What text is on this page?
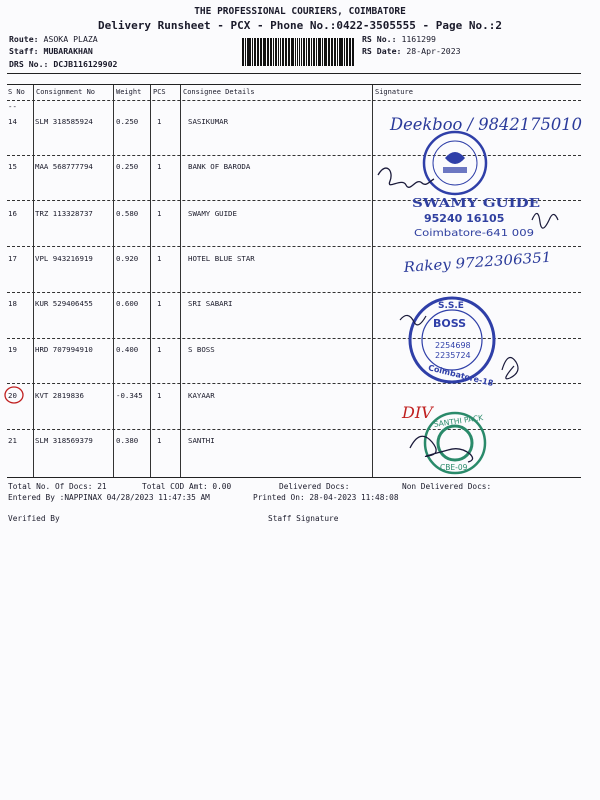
THE PROFESSIONAL COURIERS, COIMBATORE
Delivery Runsheet - PCX - Phone No.:0422-3505555 - Page No.:2
Route: ASOKA PLAZA
Staff: MUBARAKHAN
DRS No.: DCJB116129902
RS No.: 1161299
RS Date: 28-Apr-2023
S No Consignment No	Weight PCS Consignee Details	Signature
--
14 SLM 318585924	0.250	1	SASIKUMAR
15 MAA 568777794	0.250	1	BANK OF BARODA
16 TRZ 113328737	0.580	1	SWAMY GUIDE
17 VPL 943216919	0.920	1	HOTEL BLUE STAR
18 KUR 529406455	0.600	1	SRI SABARI
19 HRD 707994910	0.400	1	S BOSS
20 KVT 2819836	-0.345 1	KAYAAR
21 SLM 318569379	0.380	1	SANTHI
Total No. Of Docs: 21	Total COD Amt: 0.00	Delivered Docs:	Non Delivered Docs:
Entered By :NAPPINAX 04/28/2023 11:47:35 AM	Printed On: 28-04-2023 11:48:08
Verified By	Staff Signature
Deekboo / 9842175010
SWAMY GUIDE
95240 16105
Coimbatore-641 009
Rakey 9722306351
S.S.E
BOSS
2254698
2235724
Coimbatore-18
DIV SANTHI PACK
CBE-09
